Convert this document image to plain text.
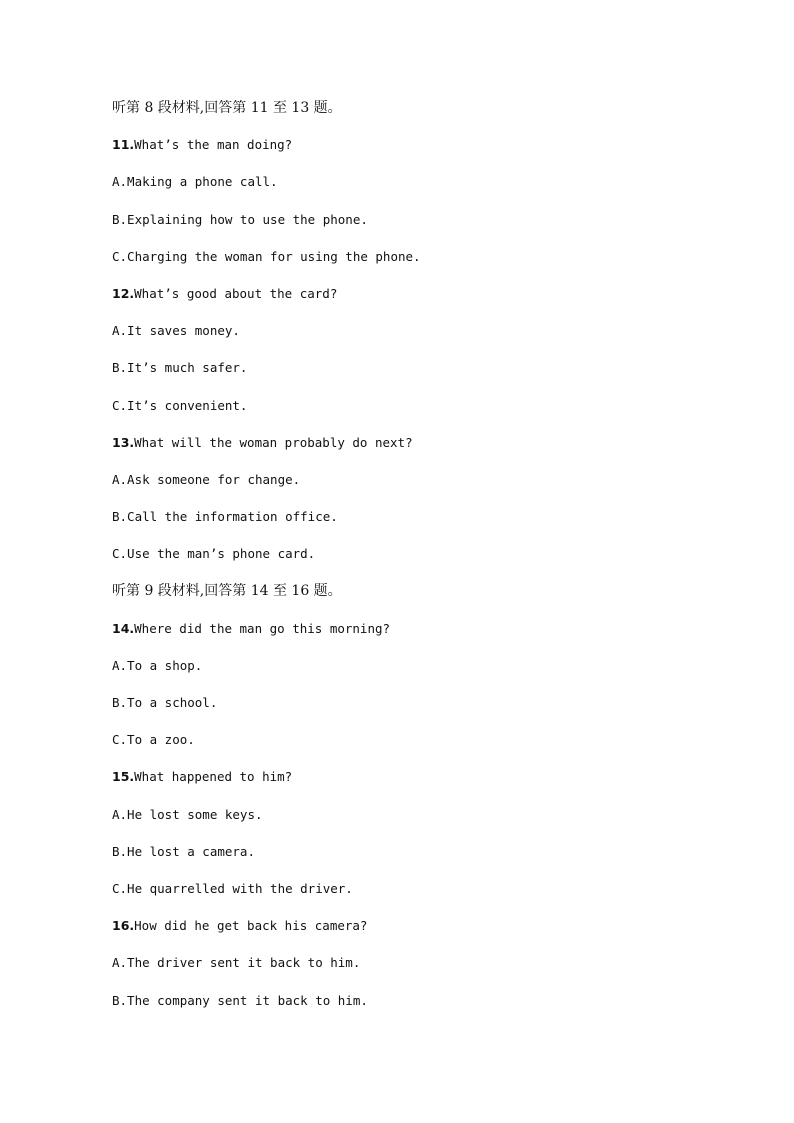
听第 8 段材料,回答第 11 至 13 题。
11.What’s the man doing?
A.Making a phone call.
B.Explaining how to use the phone.
C.Charging the woman for using the phone.
12.What’s good about the card?
A.It saves money.
B.It’s much safer.
C.It’s convenient.
13.What will the woman probably do next?
A.Ask someone for change.
B.Call the information office.
C.Use the man’s phone card.
听第 9 段材料,回答第 14 至 16 题。
14.Where did the man go this morning?
A.To a shop.
B.To a school.
C.To a zoo.
15.What happened to him?
A.He lost some keys.
B.He lost a camera.
C.He quarrelled with the driver.
16.How did he get back his camera?
A.The driver sent it back to him.
B.The company sent it back to him.
